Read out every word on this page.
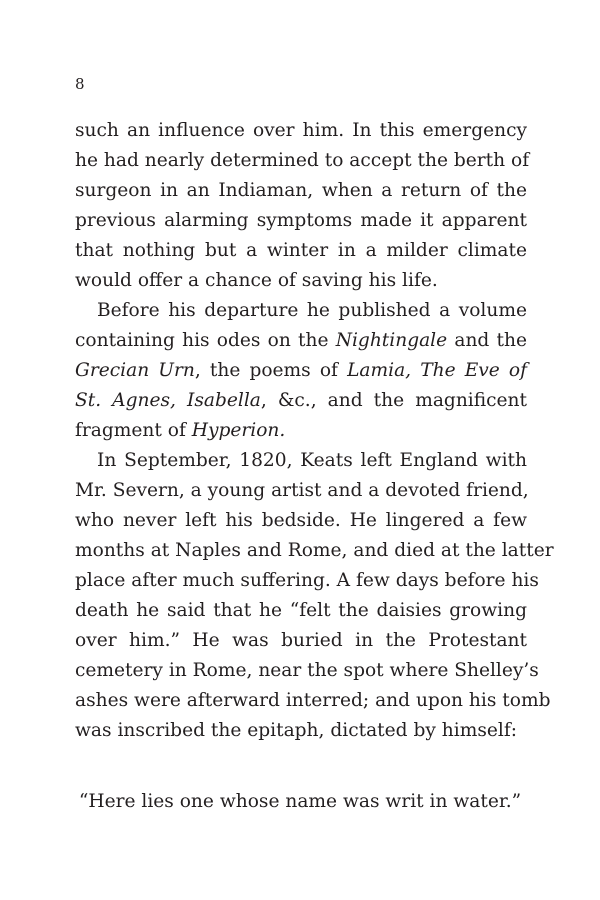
8
such an influence over him. In this emergency
he had nearly determined to accept the berth of
surgeon in an Indiaman, when a return of the
previous alarming symptoms made it apparent
that nothing but a winter in a milder climate
would offer a chance of saving his life.
Before his departure he published a volume
containing his odes on the Nightingale and the
Grecian Urn, the poems of Lamia, The Eve of
St. Agnes, Isabella, &c., and the magnificent
fragment of Hyperion.
In September, 1820, Keats left England with
Mr. Severn, a young artist and a devoted friend,
who never left his bedside. He lingered a few
months at Naples and Rome, and died at the latter
place after much suffering. A few days before his
death he said that he “felt the daisies growing
over him.” He was buried in the Protestant
cemetery in Rome, near the spot where Shelley’s
ashes were afterward interred; and upon his tomb
was inscribed the epitaph, dictated by himself:
“Here lies one whose name was writ in water.”
